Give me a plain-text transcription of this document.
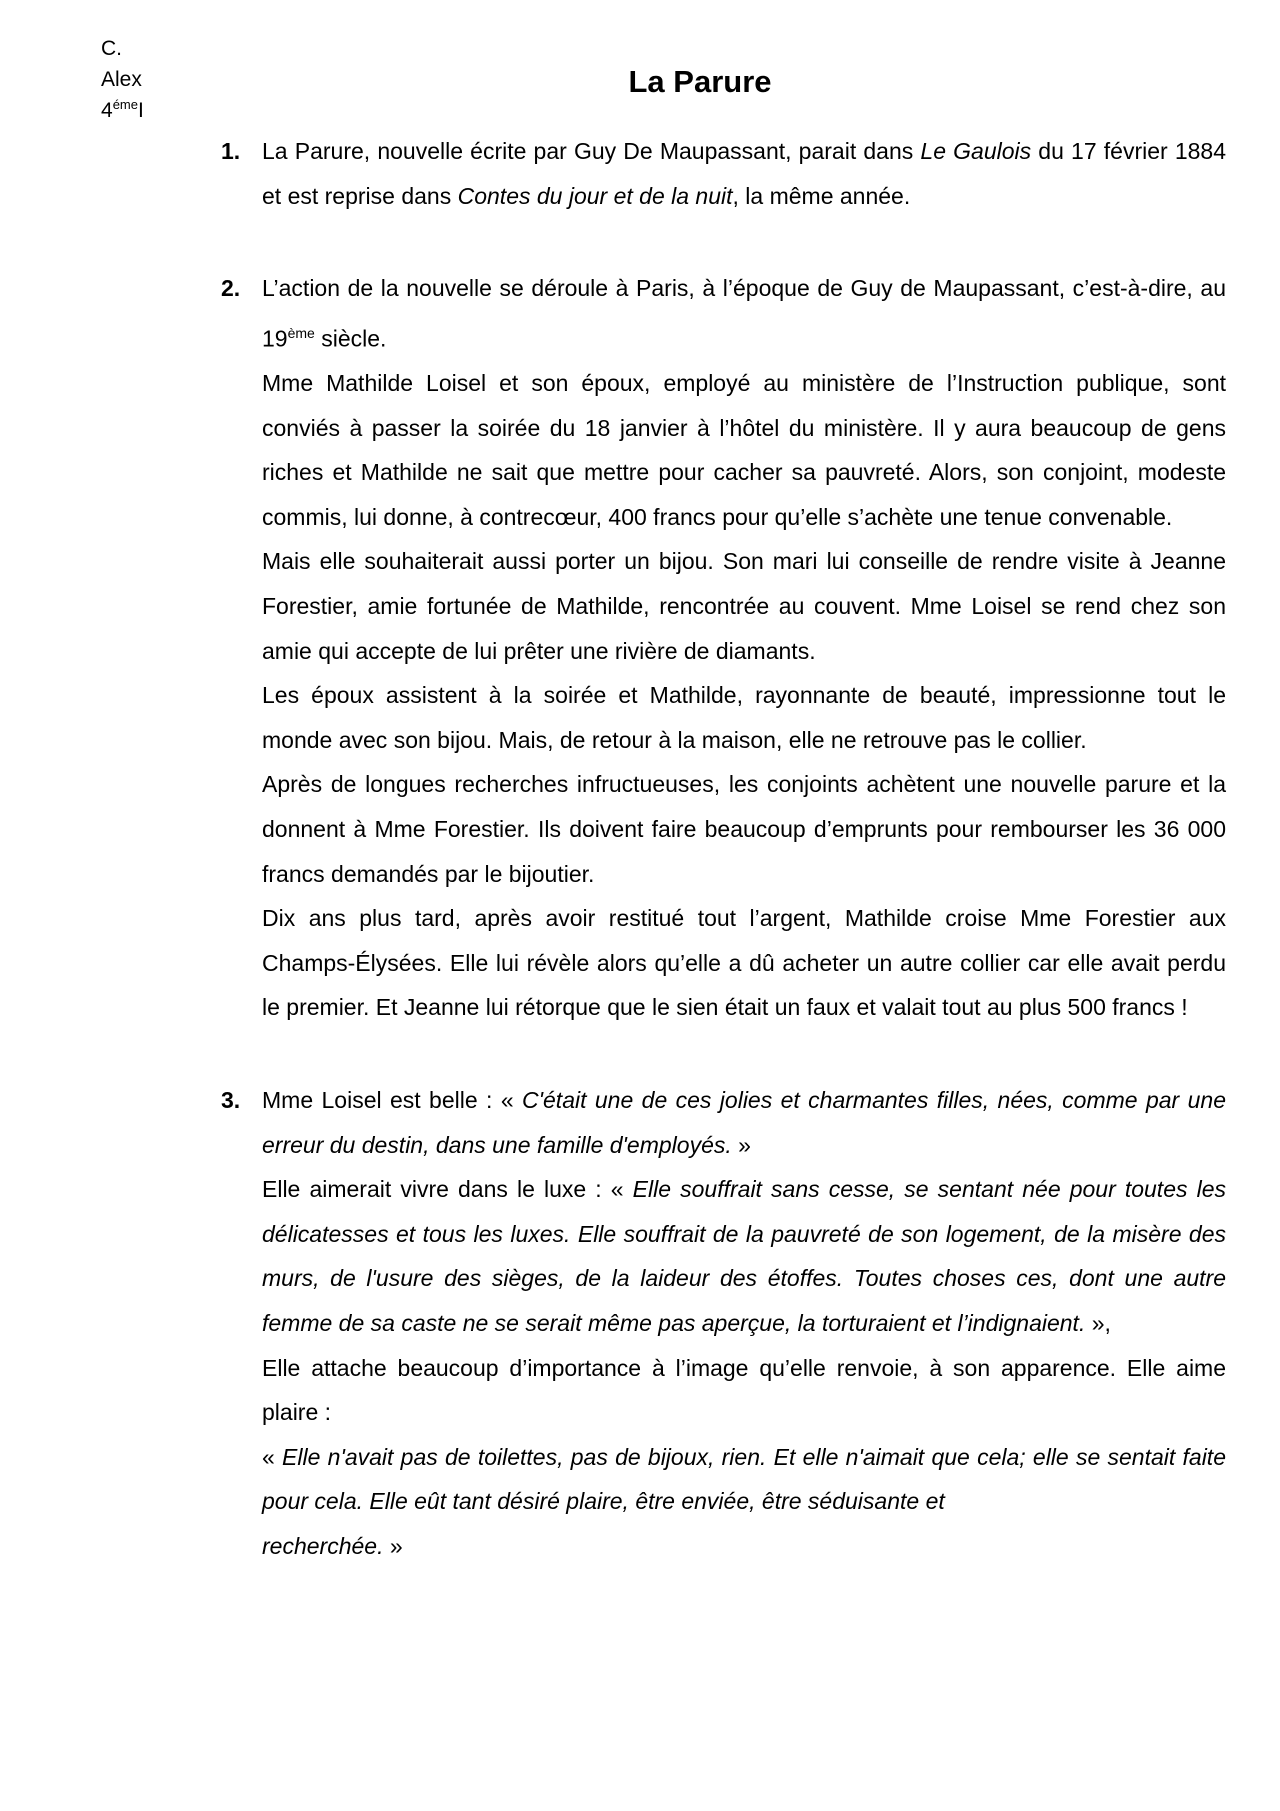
C.
Alex
$4^{éme}I$
La Parure
1. La Parure, nouvelle écrite par Guy De Maupassant, parait dans Le Gaulois du 17 février 1884 et est reprise dans Contes du jour et de la nuit, la même année.

2. L’action de la nouvelle se déroule à Paris, à l’époque de Guy de Maupassant, c’est-à-dire, au 19ème siècle.

Mme Mathilde Loisel et son époux, employé au ministère de l’Instruction publique, sont conviés à passer la soirée du 18 janvier à l’hôtel du ministère. Il y aura beaucoup de gens riches et Mathilde ne sait que mettre pour cacher sa pauvreté. Alors, son conjoint, modeste commis, lui donne, à contrecœur, 400 francs pour qu’elle s’achète une tenue convenable.

Mais elle souhaiterait aussi porter un bijou. Son mari lui conseille de rendre visite à Jeanne Forestier, amie fortunée de Mathilde, rencontrée au couvent. Mme Loisel se rend chez son amie qui accepte de lui prêter une rivière de diamants.

Les époux assistent à la soirée et Mathilde, rayonnante de beauté, impressionne tout le monde avec son bijou. Mais, de retour à la maison, elle ne retrouve pas le collier.

Après de longues recherches infructueuses, les conjoints achètent une nouvelle parure et la donnent à Mme Forestier. Ils doivent faire beaucoup d’emprunts pour rembourser les 36 000 francs demandés par le bijoutier.

Dix ans plus tard, après avoir restitué tout l’argent, Mathilde croise Mme Forestier aux Champs-Élysées. Elle lui révèle alors qu’elle a dû acheter un autre collier car elle avait perdu le premier. Et Jeanne lui rétorque que le sien était un faux et valait tout au plus 500 francs !

3. Mme Loisel est belle : « C'était une de ces jolies et charmantes filles, nées, comme par une erreur du destin, dans une famille d'employés. »

Elle aimerait vivre dans le luxe : « Elle souffrait sans cesse, se sentant née pour toutes les délicatesses et tous les luxes. Elle souffrait de la pauvreté de son logement, de la misère des murs, de l'usure des sièges, de la laideur des étoffes. Toutes choses ces, dont une autre femme de sa caste ne se serait même pas aperçue, la torturaient et l’indignaient. »,

Elle attache beaucoup d’importance à l’image qu’elle renvoie, à son apparence. Elle aime plaire :

« Elle n'avait pas de toilettes, pas de bijoux, rien. Et elle n'aimait que cela; elle se sentait faite pour cela. Elle eût tant désiré plaire, être enviée, être séduisante et

recherchée. »
